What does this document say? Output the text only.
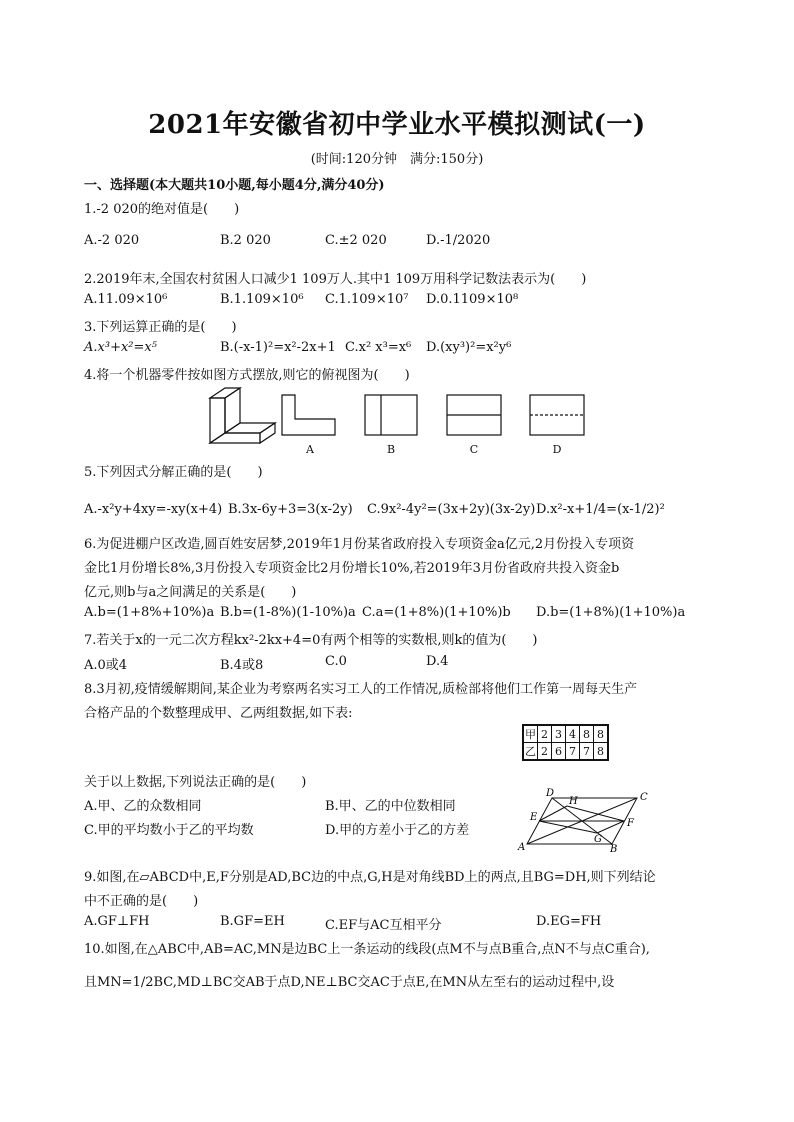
2021年安徽省初中学业水平模拟测试(一)
(时间:120分钟　满分:150分)
一、选择题(本大题共10小题,每小题4分,满分40分)
1.-2 020的绝对值是(　　)
A.-2 020	B.2 020	C.±2 020	D.-1/2020
2.2019年末,全国农村贫困人口减少1 109万人.其中1 109万用科学记数法表示为(　　)
A.11.09×10⁶	B.1.109×10⁶ C.1.109×10⁷ D.0.1109×10⁸
3.下列运算正确的是(　　)
A.x³+x²=x⁵	B.(-x-1)²=x²-2x+1 C.x² x³=x⁶ D.(xy³)²=x²y⁶
4.将一个机器零件按如图方式摆放,则它的俯视图为(　　)
A	B	C	D
5.下列因式分解正确的是(　　)
A.-x²y+4xy=-xy(x+4) B.3x-6y+3=3(x-2y) C.9x²-4y²=(3x+2y)(3x-2y) D.x²-x+1/4=(x-1/2)²
6.为促进棚户区改造,圆百姓安居梦,2019年1月份某省政府投入专项资金a亿元,2月份投入专项资
金比1月份增长8%,3月份投入专项资金比2月份增长10%,若2019年3月份省政府共投入资金b
亿元,则b与a之间满足的关系是(　　)
A.b=(1+8%+10%)a B.b=(1-8%)(1-10%)a C.a=(1+8%)(1+10%)b D.b=(1+8%)(1+10%)a
7.若关于x的一元二次方程kx²-2kx+4=0有两个相等的实数根,则k的值为(　　)
A.0或4	B.4或8	C.0	D.4
8.3月初,疫情缓解期间,某企业为考察两名实习工人的工作情况,质检部将他们工作第一周每天生产
合格产品的个数整理成甲、乙两组数据,如下表:
甲	2	3	4	8	8
乙	2	6	7	7	8
关于以上数据,下列说法正确的是(　　)
A.甲、乙的众数相同	B.甲、乙的中位数相同
C.甲的平均数小于乙的平均数	D.甲的方差小于乙的方差
A	B
C
D
E
F
G
H
9.如图,在▱ABCD中,E,F分别是AD,BC边的中点,G,H是对角线BD上的两点,且BG=DH,则下列结论
中不正确的是(　　)
A.GF⊥FH	B.GF=EH	C.EF与AC互相平分	D.EG=FH
10.如图,在△ABC中,AB=AC,MN是边BC上一条运动的线段(点M不与点B重合,点N不与点C重合),
且MN=1/2BC,MD⊥BC交AB于点D,NE⊥BC交AC于点E,在MN从左至右的运动过程中,设
